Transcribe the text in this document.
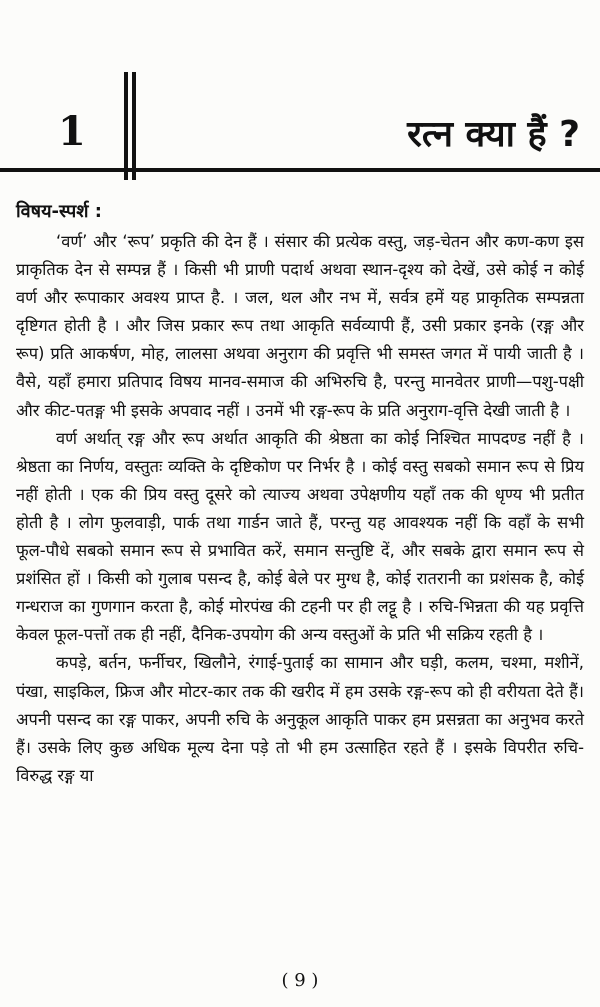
1	रत्न क्या हैं ?

विषय-स्पर्श :

‘वर्ण’ और ‘रूप’ प्रकृति की देन हैं । संसार की प्रत्येक वस्तु, जड़-चेतन और कण-कण इस प्राकृतिक देन से सम्पन्न हैं । किसी भी प्राणी पदार्थ अथवा स्थान-दृश्य को देखें, उसे कोई न कोई वर्ण और रूपाकार अवश्य प्राप्त है. । जल, थल और नभ में, सर्वत्र हमें यह प्राकृतिक सम्पन्नता दृष्टिगत होती है । और जिस प्रकार रूप तथा आकृति सर्वव्यापी हैं, उसी प्रकार इनके (रङ्ग और रूप) प्रति आकर्षण, मोह, लालसा अथवा अनुराग की प्रवृत्ति भी समस्त जगत में पायी जाती है । वैसे, यहाँ हमारा प्रतिपाद विषय मानव-समाज की अभिरुचि है, परन्तु मानवेतर प्राणी—पशु-पक्षी और कीट-पतङ्ग भी इसके अपवाद नहीं । उनमें भी रङ्ग-रूप के प्रति अनुराग-वृत्ति देखी जाती है ।

वर्ण अर्थात् रङ्ग और रूप अर्थात आकृति की श्रेष्ठता का कोई निश्चित मापदण्ड नहीं है । श्रेष्ठता का निर्णय, वस्तुतः व्यक्ति के दृष्टिकोण पर निर्भर है । कोई वस्तु सबको समान रूप से प्रिय नहीं होती । एक की प्रिय वस्तु दूसरे को त्याज्य अथवा उपेक्षणीय यहाँ तक की धृण्य भी प्रतीत होती है । लोग फुलवाड़ी, पार्क तथा गार्डन जाते हैं, परन्तु यह आवश्यक नहीं कि वहाँ के सभी फूल-पौधे सबको समान रूप से प्रभावित करें, समान सन्तुष्टि दें, और सबके द्वारा समान रूप से प्रशंसित हों । किसी को गुलाब पसन्द है, कोई बेले पर मुग्ध है, कोई रातरानी का प्रशंसक है, कोई गन्धराज का गुणगान करता है, कोई मोरपंख की टहनी पर ही लट्टू है । रुचि-भिन्नता की यह प्रवृत्ति केवल फूल-पत्तों तक ही नहीं, दैनिक-उपयोग की अन्य वस्तुओं के प्रति भी सक्रिय रहती है ।

कपड़े, बर्तन, फर्नीचर, खिलौने, रंगाई-पुताई का सामान और घड़ी, कलम, चश्मा, मशीनें, पंखा, साइकिल, फ्रिज और मोटर-कार तक की खरीद में हम उसके रङ्ग-रूप को ही वरीयता देते हैं। अपनी पसन्द का रङ्ग पाकर, अपनी रुचि के अनुकूल आकृति पाकर हम प्रसन्नता का अनुभव करते हैं। उसके लिए कुछ अधिक मूल्य देना पड़े तो भी हम उत्साहित रहते हैं । इसके विपरीत रुचि-विरुद्ध रङ्ग या

( 9 )
